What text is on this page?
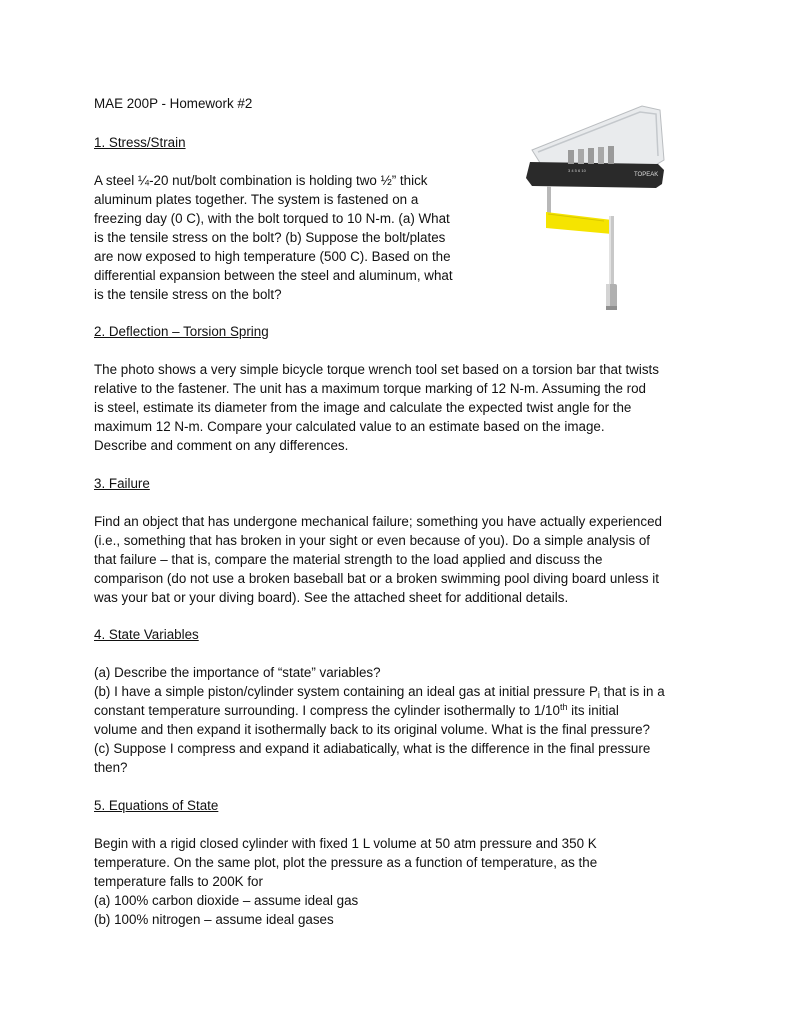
MAE 200P - Homework #2
1. Stress/Strain
A steel ¼-20 nut/bolt combination is holding two ½” thick
aluminum plates together. The system is fastened on a
freezing day (0 C), with the bolt torqued to 10 N-m. (a) What
is the tensile stress on the bolt? (b) Suppose the bolt/plates
are now exposed to high temperature (500 C). Based on the
differential expansion between the steel and aluminum, what
is the tensile stress on the bolt?
2. Deflection – Torsion Spring
The photo shows a very simple bicycle torque wrench tool set based on a torsion bar that twists
relative to the fastener. The unit has a maximum torque marking of 12 N-m. Assuming the rod
is steel, estimate its diameter from the image and calculate the expected twist angle for the
maximum 12 N-m. Compare your calculated value to an estimate based on the image.
Describe and comment on any differences.
3. Failure
Find an object that has undergone mechanical failure; something you have actually experienced
(i.e., something that has broken in your sight or even because of you). Do a simple analysis of
that failure – that is, compare the material strength to the load applied and discuss the
comparison (do not use a broken baseball bat or a broken swimming pool diving board unless it
was your bat or your diving board). See the attached sheet for additional details.
4. State Variables
(a) Describe the importance of “state” variables?
(b) I have a simple piston/cylinder system containing an ideal gas at initial pressure $P_i$ that is in a
constant temperature surrounding. I compress the cylinder isothermally to 1/10th its initial
volume and then expand it isothermally back to its original volume. What is the final pressure?
(c) Suppose I compress and expand it adiabatically, what is the difference in the final pressure
then?
5. Equations of State
Begin with a rigid closed cylinder with fixed 1 L volume at 50 atm pressure and 350 K
temperature. On the same plot, plot the pressure as a function of temperature, as the
temperature falls to 200K for
(a) 100% carbon dioxide – assume ideal gas
(b) 100% nitrogen – assume ideal gases
TOPEAK
3 4 5 6 10
